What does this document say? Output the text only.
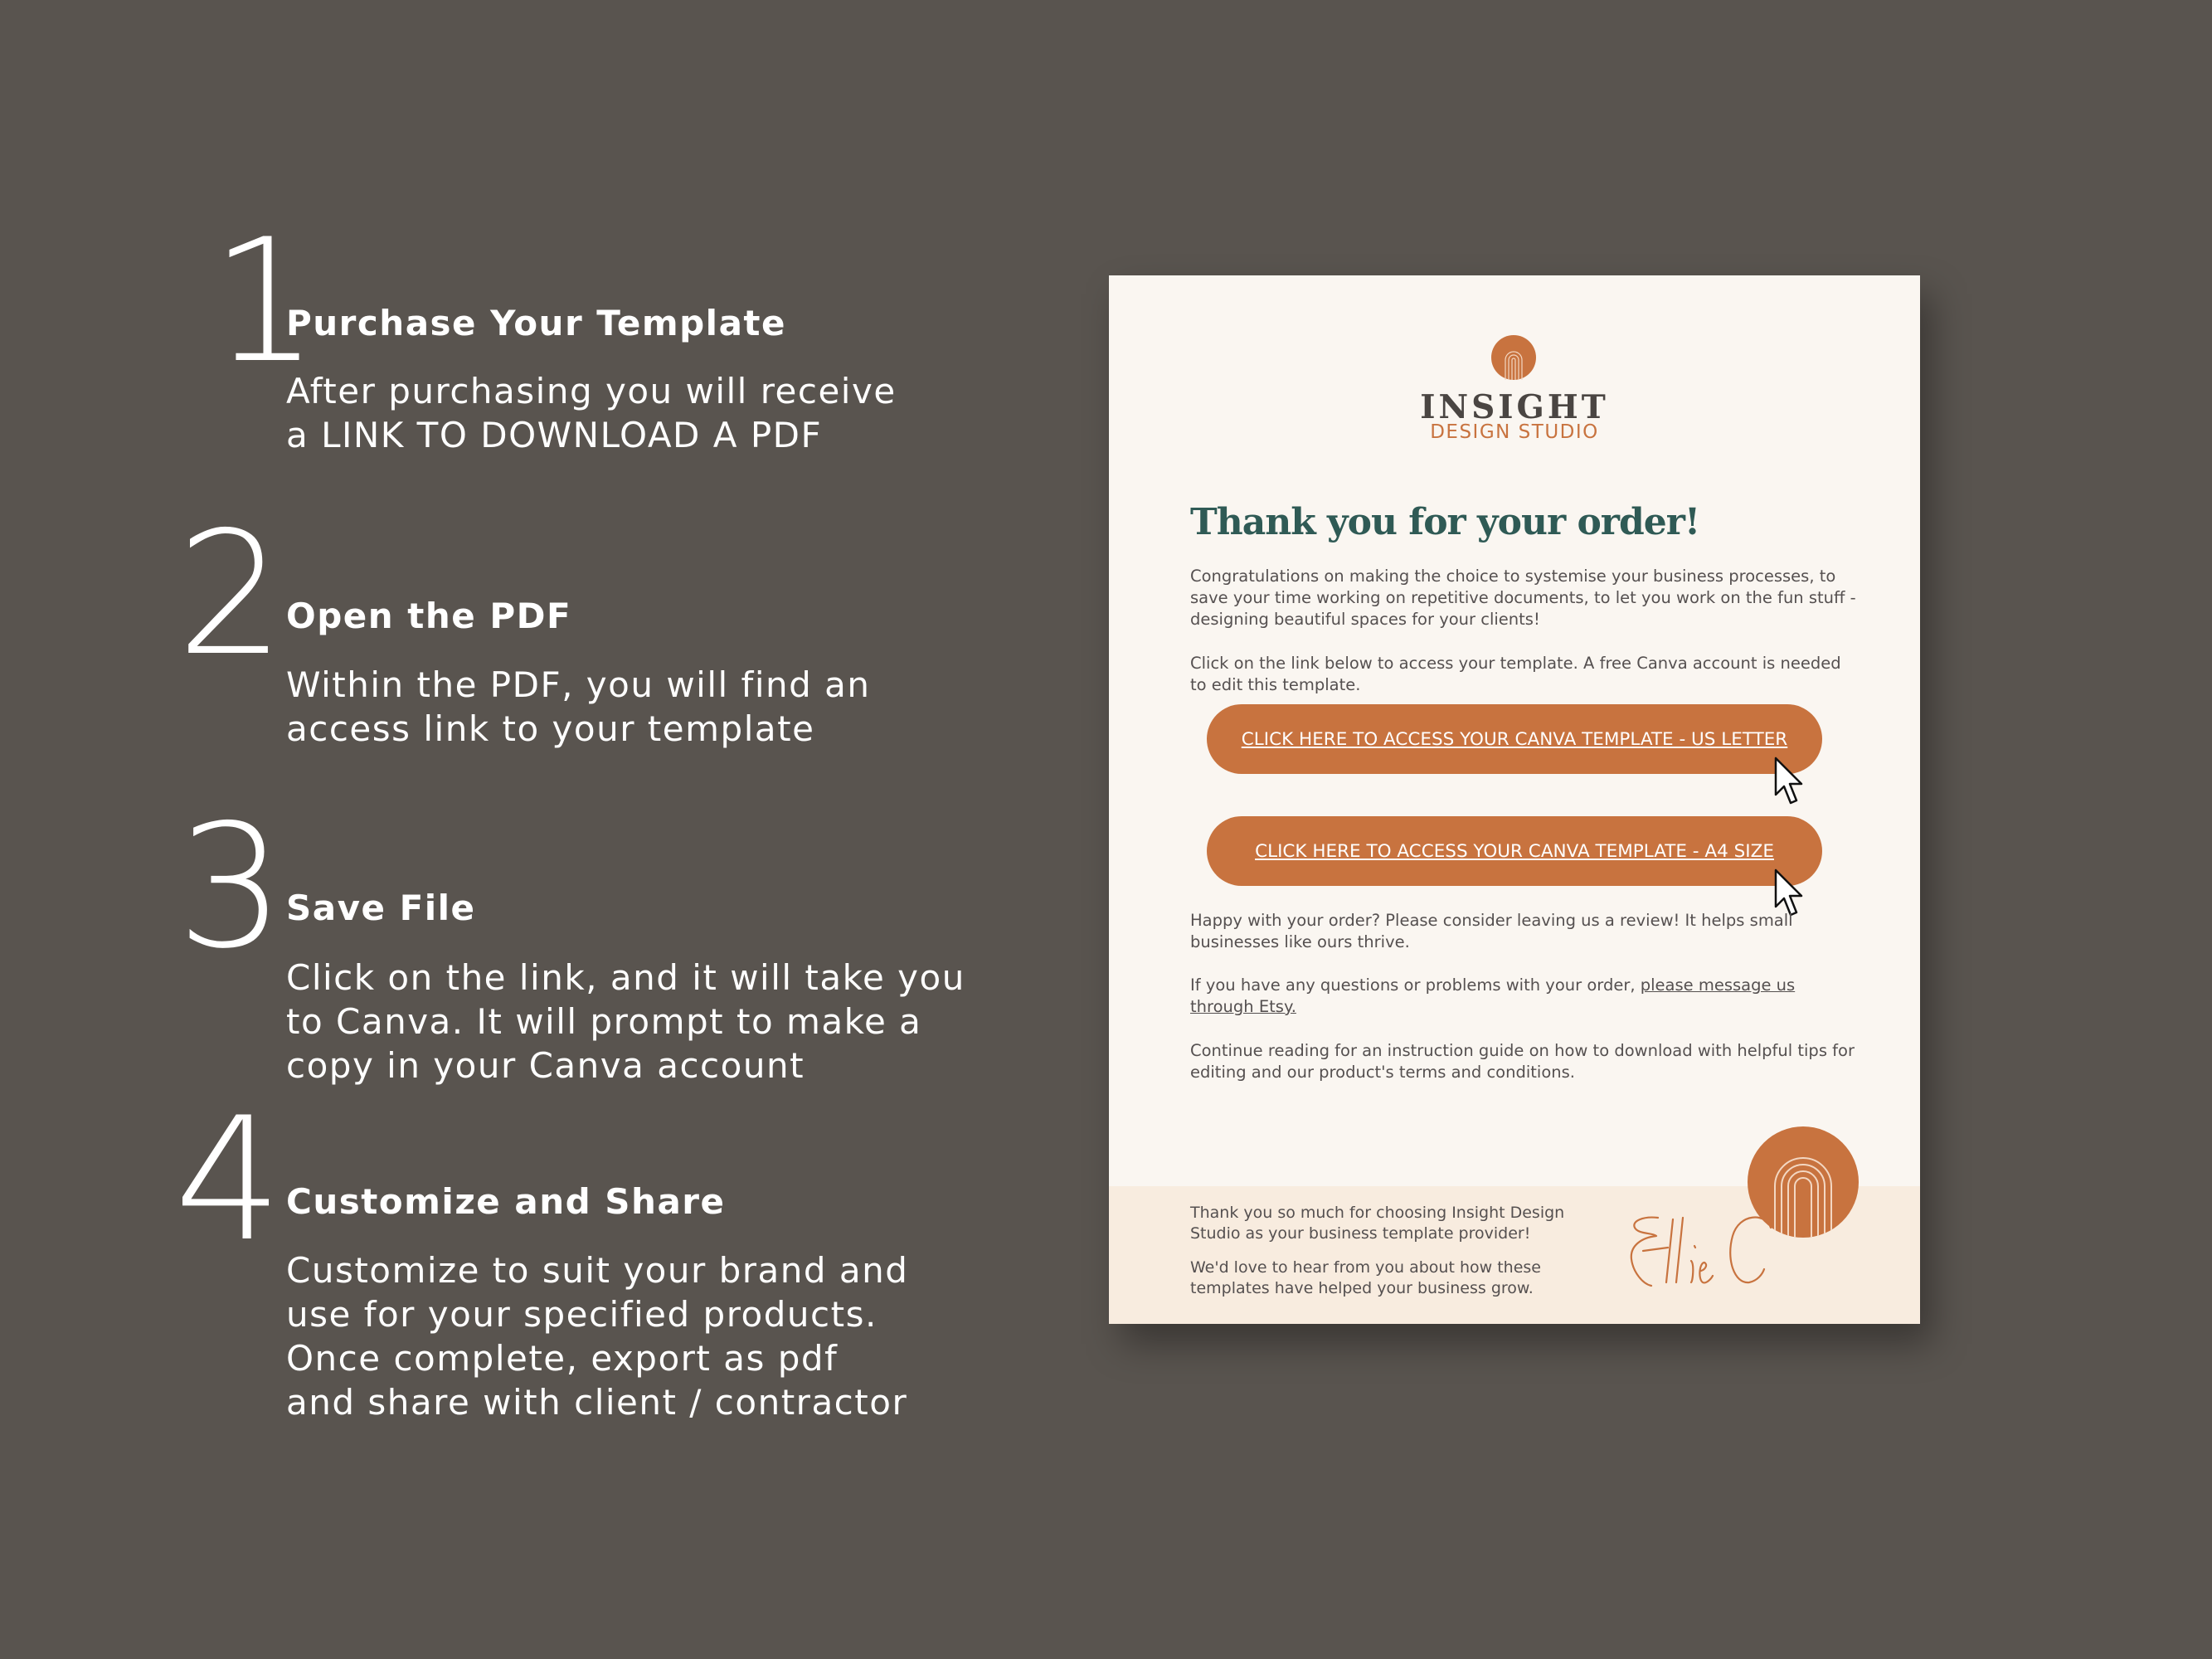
1
Purchase Your Template
After purchasing you will receive
a LINK TO DOWNLOAD A PDF
2 Open the PDF
Within the PDF, you will find an
access link to your template
3 Save File
Click on the link, and it will take you
to Canva. It will prompt to make a
copy in your Canva account
4 Customize and Share
Customize to suit your brand and
use for your specified products.
Once complete, export as pdf
and share with client / contractor
INSIGHT
DESIGN STUDIO
Thank you for your order!
Congratulations on making the choice to systemise your business processes, to
save your time working on repetitive documents, to let you work on the fun stuff -
designing beautiful spaces for your clients!
Click on the link below to access your template. A free Canva account is needed
to edit this template.
CLICK HERE TO ACCESS YOUR CANVA TEMPLATE - US LETTER
CLICK HERE TO ACCESS YOUR CANVA TEMPLATE - A4 SIZE
Happy with your order? Please consider leaving us a review! It helps small
businesses like ours thrive.
If you have any questions or problems with your order, please message us
through Etsy.
Continue reading for an instruction guide on how to download with helpful tips for
editing and our product's terms and conditions.
Thank you so much for choosing Insight Design
Studio as your business template provider!
We'd love to hear from you about how these
templates have helped your business grow.
